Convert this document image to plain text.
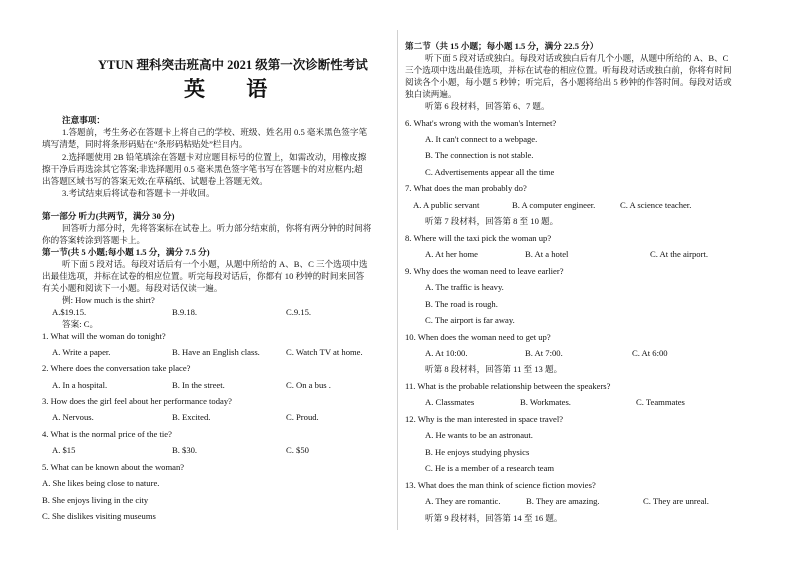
YTUN 理科突击班高中 2021 级第一次诊断性考试
英 语
注意事项：
1.答题前，考生务必在答题卡上将自己的学校、班级、姓名用 0.5 毫米黑色签字笔
填写清楚，同时将条形码贴在“条形码粘贴处”栏目内。
2.选择题使用 2B 铅笔填涂在答题卡对应题目标号的位置上，如需改动，用橡皮擦
擦干净后再选涂其它答案;非选择题用 0.5 毫米黑色签字笔书写在答题卡的对应框内;超
出答题区域书写的答案无效;在草稿纸、试题卷上答题无效。
3.考试结束后将试卷和答题卡一并收回。
第一部分 听力(共两节，满分 30 分)
回答听力部分时，先将答案标在试卷上。听力部分结束前，你将有两分钟的时间将
你的答案转涂到答题卡上。
第一节(共 5 小题;每小题 1.5 分，满分 7.5 分)
听下面 5 段对话。每段对话后有一个小题，从题中所给的 A、B、C 三个选项中选
出最佳选项，并标在试卷的相应位置。听完每段对话后，你都有 10 秒钟的时间来回答
有关小题和阅读下一小题。每段对话仅读一遍。
例: How much is the shirt?
A.$19.15.	B.9.18.	C.9.15.
答案: C。
1. What will the woman do tonight?
A. Write a paper.	B. Have an English class.	C. Watch TV at home.
2. Where does the conversation take place?
A. In a hospital.	B. In the street.	C. On a bus .
3. How does the girl feel about her performance today?
A. Nervous.	B. Excited.	C. Proud.
4. What is the normal price of the tie?
A. $15	B. $30.	C. $50
5. What can be known about the woman?
A. She likes being close to nature.
B. She enjoys living in the city
C. She dislikes visiting museums
第二节（共 15 小题；每小题 1.5 分，满分 22.5 分）
听下面 5 段对话或独白。每段对话或独白后有几个小题，从题中所给的 A、B、C
三个选项中选出最佳选项，并标在试卷的相应位置。听每段对话或独白前，你将有时间
阅读各个小题，每小题 5 秒钟；听完后，各小题将给出 5 秒钟的作答时间。每段对话或
独白读两遍。
听第 6 段材料，回答第 6、7 题。
6. What's wrong with the woman's Internet?
A. It can't connect to a webpage.
B. The connection is not stable.
C. Advertisements appear all the time
7. What does the man probably do?
A. A public servant	B. A computer engineer.	C. A science teacher.
听第 7 段材料，回答第 8 至 10 题。
8. Where will the taxi pick the woman up?
A. At her home	B. At a hotel	C. At the airport.
9. Why does the woman need to leave earlier?
A. The traffic is heavy.
B. The road is rough.
C. The airport is far away.
10. When does the woman need to get up?
A. At 10:00.	B. At 7:00.	C. At 6:00
听第 8 段材料，回答第 11 至 13 题。
11. What is the probable relationship between the speakers?
A. Classmates	B. Workmates.	C. Teammates
12. Why is the man interested in space travel?
A. He wants to be an astronaut.
B. He enjoys studying physics
C. He is a member of a research team
13. What does the man think of science fiction movies?
A. They are romantic.	B. They are amazing.	C. They are unreal.
听第 9 段材料，回答第 14 至 16 题。
